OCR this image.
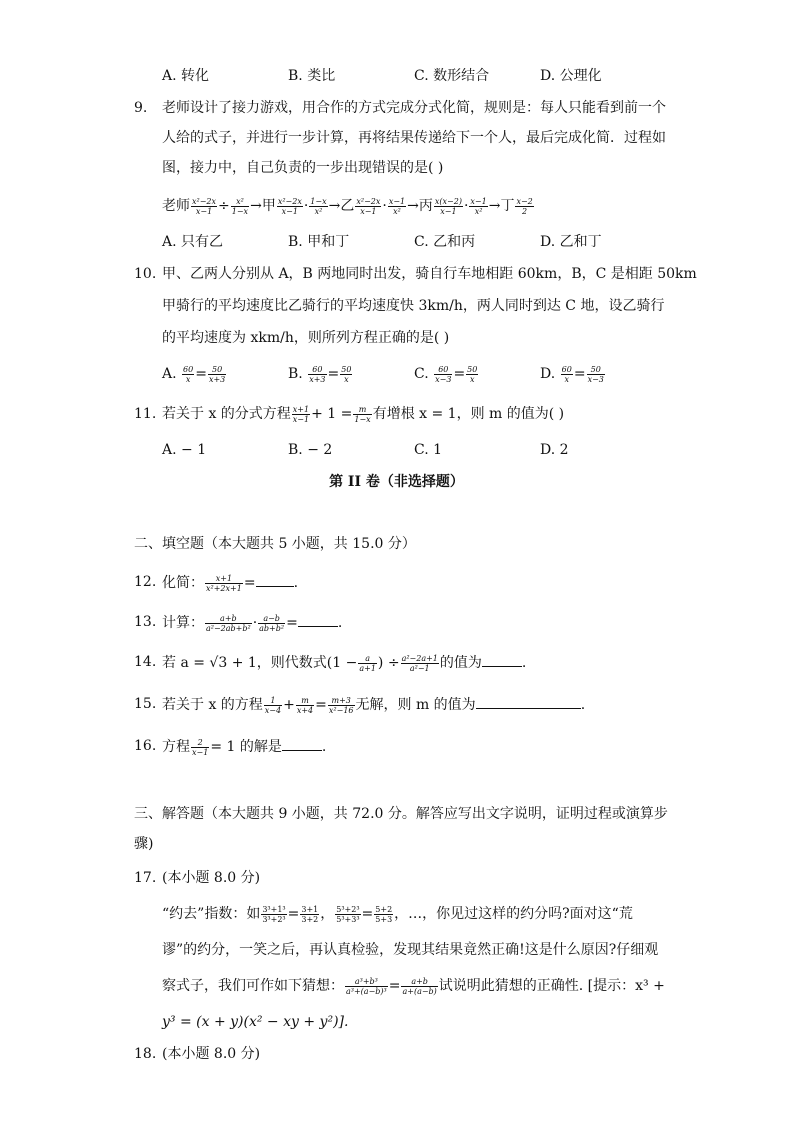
A. 转化	B. 类比	C. 数形结合	D. 公理化
9. 老师设计了接力游戏，用合作的方式完成分式化简，规则是：每人只能看到前一个
人给的式子，并进行一步计算，再将结果传递给下一个人，最后完成化简．过程如
图，接力中，自己负责的一步出现错误的是( )
老师 $\frac{\text{x²−2x}}{x-1} \div \frac{\text{x²}}{1-x}$ →甲 $\frac{\text{x²−2x}}{x-1} \cdot \frac{1-x}{\text{x²}}$ →乙 $\frac{\text{x²−2x}}{x-1} \cdot \frac{x-1}{\text{x²}}$ →丙 $\frac{x(x-2)}{x-1} \cdot \frac{x-1}{\text{x²}}$ →丁 $\frac{x-2}{2}$
A. 只有乙	B. 甲和丁	C. 乙和丙	D. 乙和丁
10. 甲、乙两人分别从 A，B 两地同时出发，骑自行车地相距 60km，B，C 是相距 50km
甲骑行的平均速度比乙骑行的平均速度快 3km/h，两人同时到达 C 地，设乙骑行
的平均速度为 xkm/h，则所列方程正确的是( )
A. $\frac{60}{x} = \frac{50}{x+3}$	B. $\frac{60}{x+3} = \frac{50}{x}$	C. $\frac{60}{x-3} = \frac{50}{x}$	D. $\frac{60}{x} = \frac{50}{x-3}$
11. 若关于 x 的分式方程 $\frac{x+1}{x-1} + 1 = \frac{m}{1-x}$ 有增根 x = 1，则 m 的值为( )
A. − 1	B. − 2	C. 1	D. 2
第 II 卷（非选择题）
二、填空题（本大题共 5 小题，共 15.0 分）
12. 化简： $\frac{x+1}{\text{x²+2x+1}}$ =	.
13. 计算： $\frac{a+b}{\text{a²−2ab+b²}} \cdot \frac{a-b}{\text{ab+b²}}$ =	.
14. 若 a = √3 + 1，则代数式($1 - \frac{a}{a+1}$ ) ÷ $\frac{\text{a²−2a+1}}{\text{a²−1}}$ 的值为	.
15. 若关于 x 的方程 $\frac{1}{x-4} + \frac{m}{x+4} = \frac{m+3}{\text{x²−16}}$ 无解，则 m 的值为	.
16. 方程 $\frac{2}{x-1} = 1$ 的解是	.
三、解答题（本大题共 9 小题，共 72.0 分。解答应写出文字说明，证明过程或演算步
骤)
17. (本小题 8.0 分)
“约去”指数：如 $\frac{\text{3³+1³}}{\text{3³+2³}} = \frac{3+1}{3+2}$ ， $\frac{\text{5³+2³}}{\text{5³+3³}} = \frac{5+2}{5+3}$ ，…，你见过这样的约分吗?面对这“荒
谬”的约分，一笑之后，再认真检验，发现其结果竟然正确!这是什么原因?仔细观
察式子，我们可作如下猜想： $\frac{\text{a³+b³}}{\text{a³+(a−b)³}} = \frac{a+b}{a+(a-b)}$ 试说明此猜想的正确性. [提示：x³ +
y³ = (x + y)(x² − xy + y²)].
18. (本小题 8.0 分)
